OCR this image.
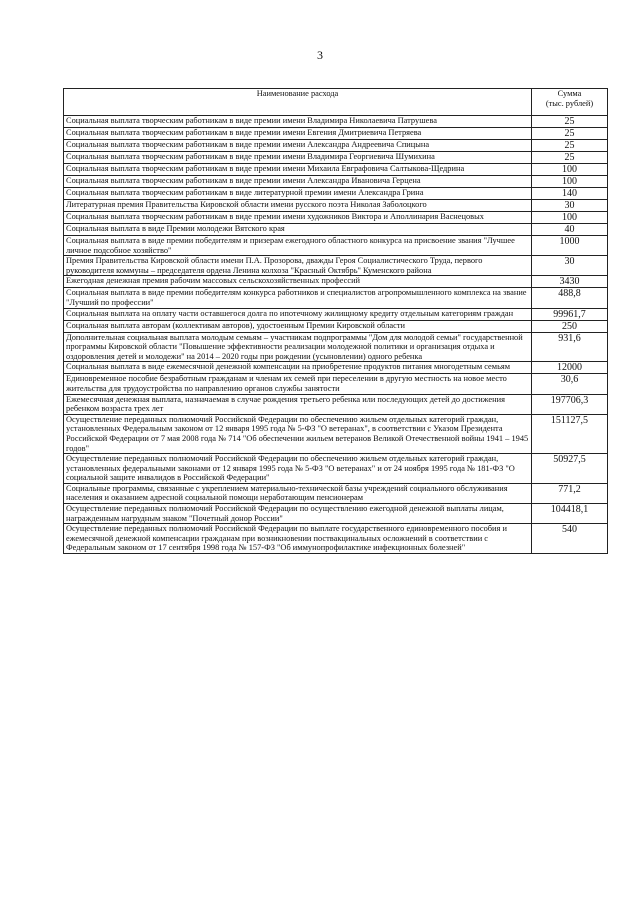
3
Наименование расхода	Сумма
(тыс. рублей)

Социальная выплата творческим работникам в виде премии имени Владимира Николаевича Патрушева	25
Социальная выплата творческим работникам в виде премии имени Евгения Дмитриевича Петряева	25
Социальная выплата творческим работникам в виде премии имени Александра Андреевича Спицына	25
Социальная выплата творческим работникам в виде премии имени Владимира Георгиевича Шумихина	25
Социальная выплата творческим работникам в виде премии имени Михаила Евграфовича Салтыкова-Щедрина	100
Социальная выплата творческим работникам в виде премии имени Александра Ивановича Герцена	100
Социальная выплата творческим работникам в виде литературной премии имени Александра Грина	140
Литературная премия Правительства Кировской области имени русского поэта Николая Заболоцкого	30
Социальная выплата творческим работникам в виде премии имени художников Виктора и Аполлинария Васнецовых	100
Социальная выплата в виде Премии молодежи Вятского края	40
Социальная выплата в виде премии победителям и призерам ежегодного областного конкурса на присвоение звания "Лучшее личное подсобное хозяйство"	1000
Премия Правительства Кировской области имени П.А. Прозорова, дважды Героя Социалистического Труда, первого руководителя коммуны – председателя ордена Ленина колхоза "Красный Октябрь" Куменского района	30
Ежегодная денежная премия рабочим массовых сельскохозяйственных профессий	3430
Социальная выплата в виде премии победителям конкурса работников и специалистов агропромышленного комплекса на звание "Лучший по профессии"	488,8
Социальная выплата на оплату части оставшегося долга по ипотечному жилищному кредиту отдельным категориям граждан	99961,7
Социальная выплата авторам (коллективам авторов), удостоенным Премии Кировской области	250
Дополнительная социальная выплата молодым семьям – участникам подпрограммы "Дом для молодой семьи" государственной программы Кировской области "Повышение эффективности реализации молодежной политики и организация отдыха и оздоровления детей и молодежи" на 2014 – 2020 годы при рождении (усыновлении) одного ребенка	931,6
Социальная выплата в виде ежемесячной денежной компенсации на приобретение продуктов питания многодетным семьям	12000
Единовременное пособие безработным гражданам и членам их семей при переселении в другую местность на новое место жительства для трудоустройства по направлению органов службы занятости	30,6
Ежемесячная денежная выплата, назначаемая в случае рождения третьего ребенка или последующих детей до достижения ребенком возраста трех лет	197706,3
Осуществление переданных полномочий Российской Федерации по обеспечению жильем отдельных категорий граждан, установленных Федеральным законом от 12 января 1995 года № 5-ФЗ "О ветеранах", в соответствии с Указом Президента Российской Федерации от 7 мая 2008 года № 714 "Об обеспечении жильем ветеранов Великой Отечественной войны 1941 – 1945 годов"	151127,5
Осуществление переданных полномочий Российской Федерации по обеспечению жильем отдельных категорий граждан, установленных федеральными законами от 12 января 1995 года № 5-ФЗ "О ветеранах" и от 24 ноября 1995 года № 181-ФЗ "О социальной защите инвалидов в Российской Федерации"	50927,5
Социальные программы, связанные с укреплением материально-технической базы учреждений социального обслуживания населения и оказанием адресной социальной помощи неработающим пенсионерам	771,2
Осуществление переданных полномочий Российской Федерации по осуществлению ежегодной денежной выплаты лицам, награжденным нагрудным знаком "Почетный донор России"	104418,1
Осуществление переданных полномочий Российской Федерации по выплате государственного единовременного пособия и ежемесячной денежной компенсации гражданам при возникновении поствакцинальных осложнений в соответствии с Федеральным законом от 17 сентября 1998 года № 157-ФЗ "Об иммунопрофилактике инфекционных болезней"	540
